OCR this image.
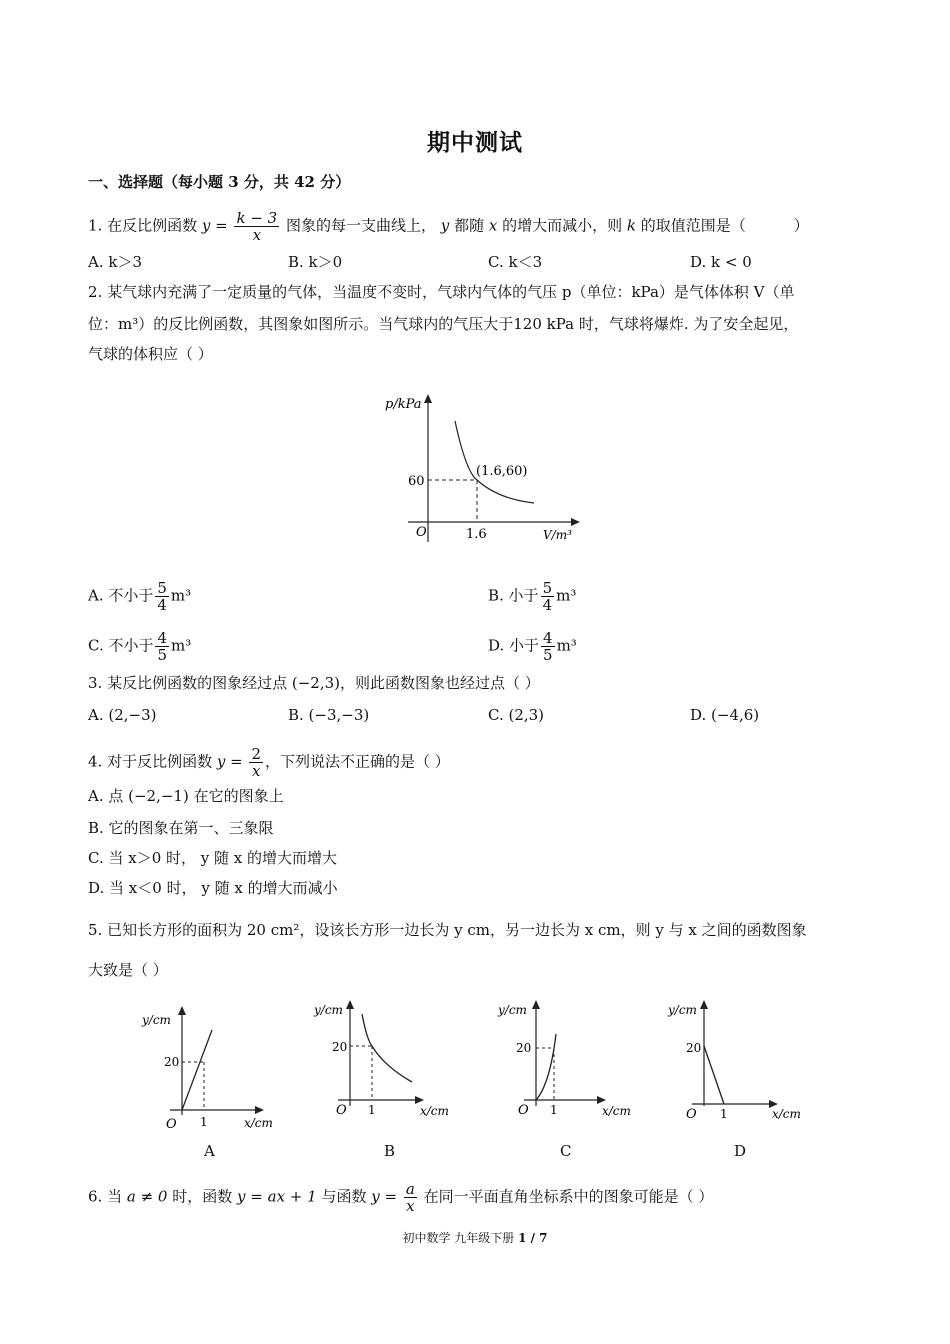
期中测试
一、选择题（每小题 3 分，共 42 分）
1. 在反比例函数 $y = \frac{k - 3}{x}$ 图象的每一支曲线上， y 都随 x 的增大而减小，则 k 的取值范围是（	）
A. k＞3	B. k＞0	C. k＜3	D. k < 0
2. 某气球内充满了一定质量的气体，当温度不变时，气球内气体的气压 p（单位：kPa）是气体体积 V（单
位：m³）的反比例函数，其图象如图所示。当气球内的气压大于120 kPa 时，气球将爆炸. 为了安全起见，
气球的体积应（ ）
p/kPa
V/m³
O
60
1.6
(1.6,60)
A. 不小于 $\frac{5}{4} m^3$	B. 小于 $\frac{5}{4} m^3$
C. 不小于 $\frac{4}{5} m^3$	D. 小于 $\frac{4}{5} m^3$
3. 某反比例函数的图象经过点 (−2,3)，则此函数图象也经过点（ ）
A. (2,−3)	B. (−3,−3)	C. (2,3)	D. (−4,6)
4. 对于反比例函数 $y = \frac{2}{x}$ ，下列说法不正确的是（ ）
A. 点 (−2,−1) 在它的图象上
B. 它的图象在第一、三象限
C. 当 x＞0 时， y 随 x 的增大而增大
D. 当 x＜0 时， y 随 x 的增大而减小
5. 已知长方形的面积为 20 cm²，设该长方形一边长为 y cm，另一边长为 x cm，则 y 与 x 之间的函数图象
大致是（ ）
y/cm
x/cm
O
20
1
y/cm
x/cm
O
20
1
y/cm
x/cm
O
20
1
y/cm
x/cm
O
20
1
A	B	C	D
6. 当 a ≠ 0 时，函数 y = ax + 1 与函数 $y = \frac{a}{x}$ 在同一平面直角坐标系中的图象可能是（ ）
初中数学 九年级下册 1 / 7
